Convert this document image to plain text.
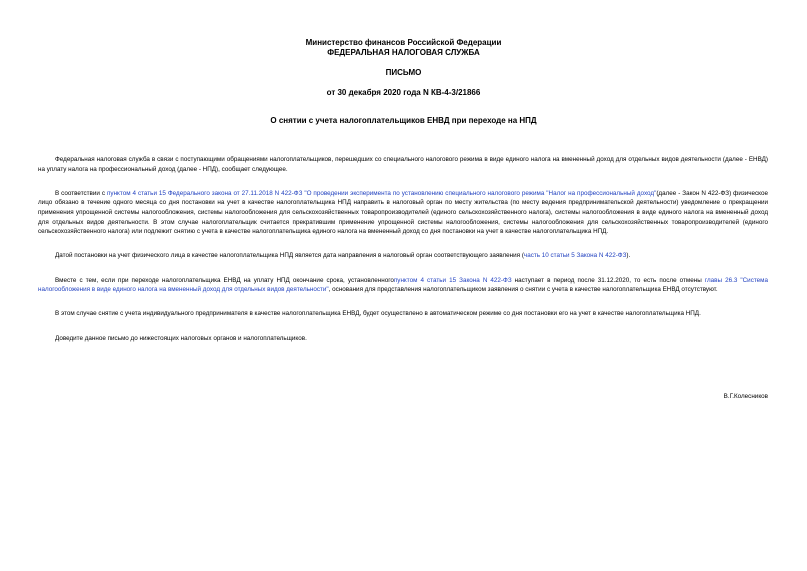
Министерство финансов Российской Федерации
ФЕДЕРАЛЬНАЯ НАЛОГОВАЯ СЛУЖБА
ПИСЬМО
от 30 декабря 2020 года N КВ-4-3/21866
О снятии с учета налогоплательщиков ЕНВД при переходе на НПД

Федеральная налоговая служба в связи с поступающими обращениями налогоплательщиков, перешедших со специального налогового режима в виде единого налога на вмененный доход для отдельных видов деятельности (далее - ЕНВД) на уплату налога на профессиональный доход (далее - НПД), сообщает следующее.

В соответствии с пунктом 4 статьи 15 Федерального закона от 27.11.2018 N 422-ФЗ "О проведении эксперимента по установлению специального налогового режима "Налог на профессиональный доход"(далее - Закон N 422-ФЗ) физическое лицо обязано в течение одного месяца со дня постановки на учет в качестве налогоплательщика НПД направить в налоговый орган по месту жительства (по месту ведения предпринимательской деятельности) уведомление о прекращении применения упрощенной системы налогообложения, системы налогообложения для сельскохозяйственных товаропроизводителей (единого сельскохозяйственного налога), системы налогообложения в виде единого налога на вмененный доход для отдельных видов деятельности. В этом случае налогоплательщик считается прекратившим применение упрощенной системы налогообложения, системы налогообложения для сельскохозяйственных товаропроизводителей (единого сельскохозяйственного налога) или подлежит снятию с учета в качестве налогоплательщика единого налога на вмененный доход со дня постановки на учет в качестве налогоплательщика НПД.

Датой постановки на учет физического лица в качестве налогоплательщика НПД является дата направления в налоговый орган соответствующего заявления (часть 10 статьи 5 Закона N 422-ФЗ).

Вместе с тем, если при переходе налогоплательщика ЕНВД на уплату НПД окончание срока, установленногопунктом 4 статьи 15 Закона N 422-ФЗ наступает в период после 31.12.2020, то есть после отмены главы 26.3 "Система налогообложения в виде единого налога на вмененный доход для отдельных видов деятельности", основания для представления налогоплательщиком заявления о снятии с учета в качестве налогоплательщика ЕНВД отсутствуют.

В этом случае снятие с учета индивидуального предпринимателя в качестве налогоплательщика ЕНВД, будет осуществлено в автоматическом режиме со дня постановки его на учет в качестве налогоплательщика НПД.

Доведите данное письмо до нижестоящих налоговых органов и налогоплательщиков.

В.Г.Колесников
